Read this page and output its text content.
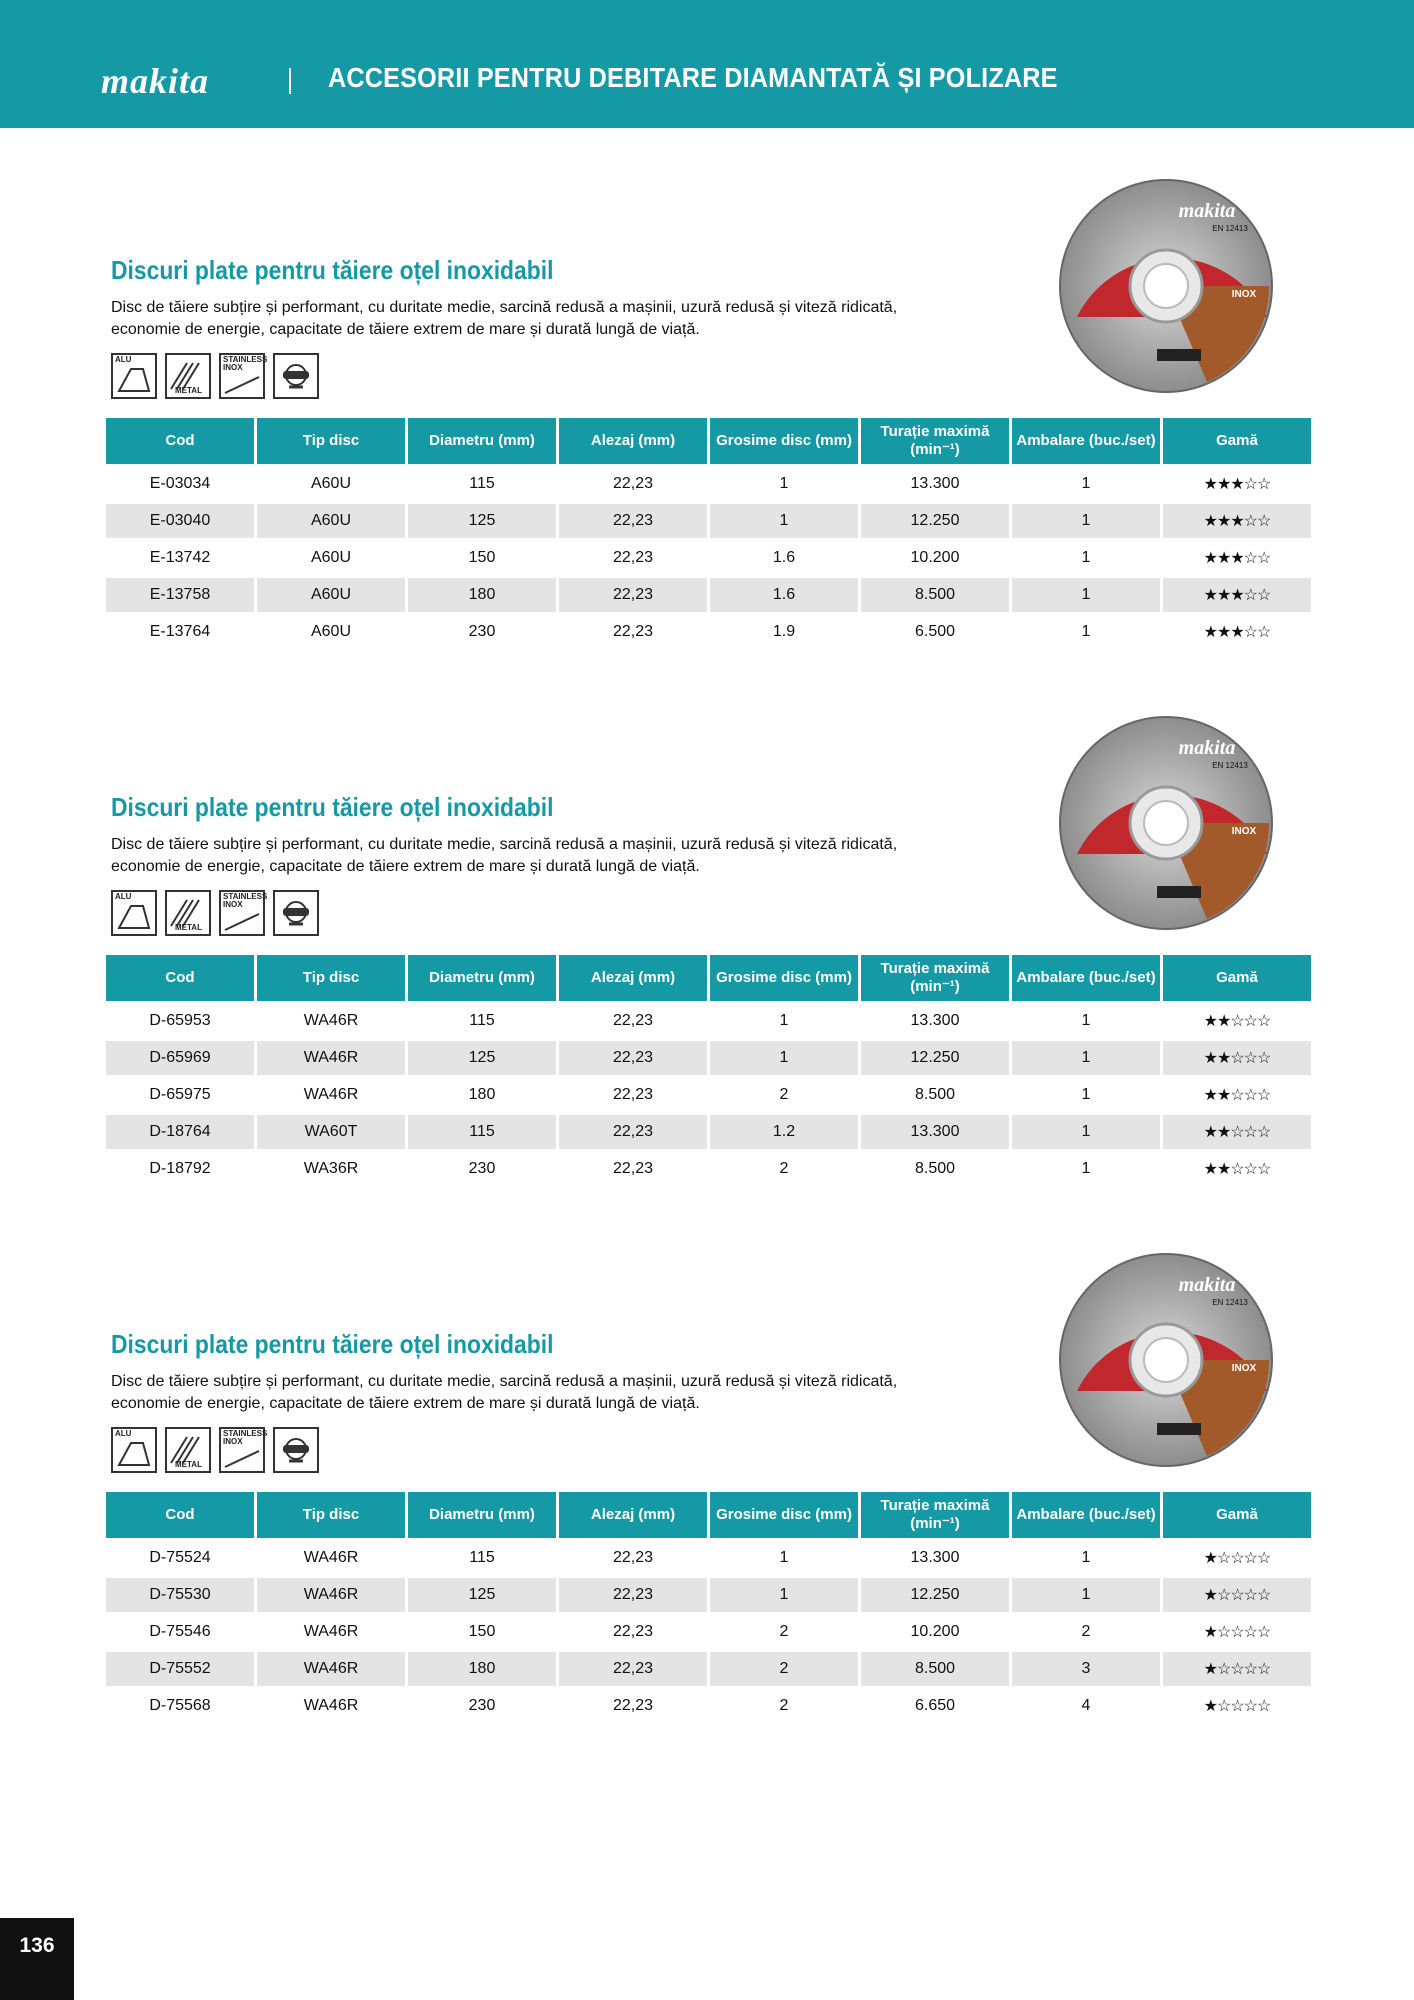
makita	ACCESORII PENTRU DEBITARE DIAMANTATĂ ȘI POLIZARE
Discuri plate pentru tăiere oțel inoxidabil
Disc de tăiere subțire și performant, cu duritate medie, sarcină redusă a mașinii, uzură redusă și viteză ridicată, economie de energie, capacitate de tăiere extrem de mare și durată lungă de viață.
ALU
METAL
STAINLESS INOX
makita
EN 12413
INOX
Cod	Tip disc	Diametru (mm)	Alezaj (mm)	Grosime disc (mm)	Turație maximă (min⁻¹)	Ambalare (buc./set)	Gamă
E-03034	A60U	115	22,23	1	13.300	1	★★★☆☆
E-03040	A60U	125	22,23	1	12.250	1	★★★☆☆
E-13742	A60U	150	22,23	1.6	10.200	1	★★★☆☆
E-13758	A60U	180	22,23	1.6	8.500	1	★★★☆☆
E-13764	A60U	230	22,23	1.9	6.500	1	★★★☆☆
Discuri plate pentru tăiere oțel inoxidabil
Disc de tăiere subțire și performant, cu duritate medie, sarcină redusă a mașinii, uzură redusă și viteză ridicată, economie de energie, capacitate de tăiere extrem de mare și durată lungă de viață.
ALU
METAL
STAINLESS INOX
makita
EN 12413
INOX
Cod	Tip disc	Diametru (mm)	Alezaj (mm)	Grosime disc (mm)	Turație maximă (min⁻¹)	Ambalare (buc./set)	Gamă
D-65953	WA46R	115	22,23	1	13.300	1	★★☆☆☆
D-65969	WA46R	125	22,23	1	12.250	1	★★☆☆☆
D-65975	WA46R	180	22,23	2	8.500	1	★★☆☆☆
D-18764	WA60T	115	22,23	1.2	13.300	1	★★☆☆☆
D-18792	WA36R	230	22,23	2	8.500	1	★★☆☆☆
Discuri plate pentru tăiere oțel inoxidabil
Disc de tăiere subțire și performant, cu duritate medie, sarcină redusă a mașinii, uzură redusă și viteză ridicată, economie de energie, capacitate de tăiere extrem de mare și durată lungă de viață.
ALU
METAL
STAINLESS INOX
makita
EN 12413
INOX
Cod	Tip disc	Diametru (mm)	Alezaj (mm)	Grosime disc (mm)	Turație maximă (min⁻¹)	Ambalare (buc./set)	Gamă
D-75524	WA46R	115	22,23	1	13.300	1	★☆☆☆☆
D-75530	WA46R	125	22,23	1	12.250	1	★☆☆☆☆
D-75546	WA46R	150	22,23	2	10.200	2	★☆☆☆☆
D-75552	WA46R	180	22,23	2	8.500	3	★☆☆☆☆
D-75568	WA46R	230	22,23	2	6.650	4	★☆☆☆☆
136
